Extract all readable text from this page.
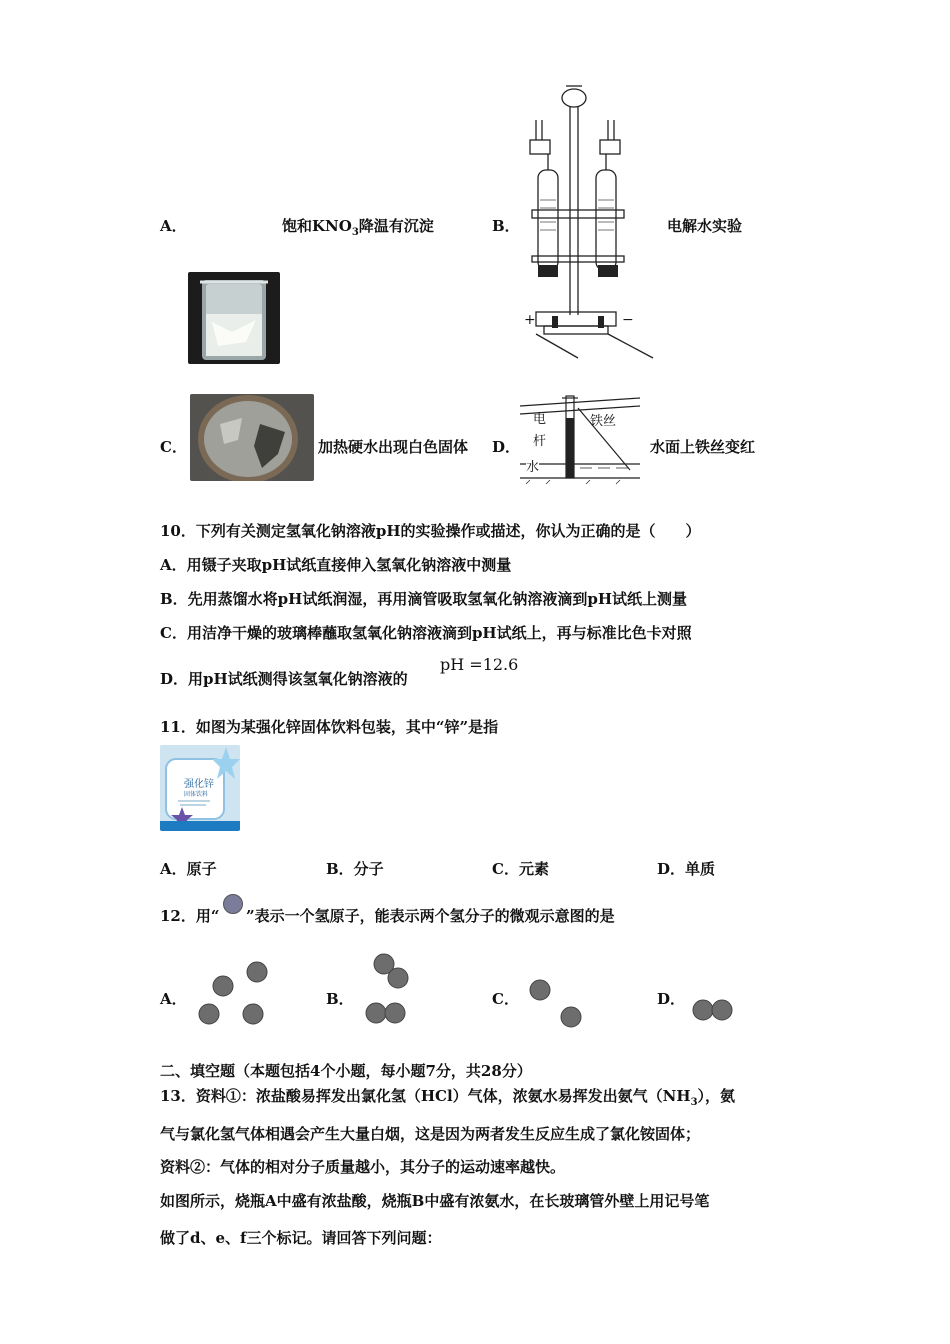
A．	饱和$KNO_3$降温有沉淀	B．	电解水实验
+	−
C．	加热硬水出现白色固体 D．
电
杆
铁丝
水
水面上铁丝变红
10．下列有关测定氢氧化钠溶液pH的实验操作或描述，你认为正确的是（　　）
A．用镊子夹取pH试纸直接伸入氢氧化钠溶液中测量
B．先用蒸馏水将pH试纸润湿，再用滴管吸取氢氧化钠溶液滴到pH试纸上测量
C．用洁净干燥的玻璃棒蘸取氢氧化钠溶液滴到pH试纸上，再与标准比色卡对照
D．用pH试纸测得该氢氧化钠溶液的
pH =12.6
11．如图为某强化锌固体饮料包装，其中“锌”是指
强化锌
固体饮料
A．原子	B．分子	C．元素	D．单质
12．用“ ”表示一个氢原子，能表示两个氢分子的微观示意图的是
A．	B．	C．	D．
二、填空题（本题包括4个小题，每小题7分，共28分）
13．资料①：浓盐酸易挥发出氯化氢（HCl）气体，浓氨水易挥发出氨气$(NH_3)$，氨
气与氯化氢气体相遇会产生大量白烟，这是因为两者发生反应生成了氯化铵固体；
资料②：气体的相对分子质量越小，其分子的运动速率越快。
如图所示，烧瓶A中盛有浓盐酸，烧瓶B中盛有浓氨水，在长玻璃管外壁上用记号笔
做了d、e、f三个标记。请回答下列问题：
